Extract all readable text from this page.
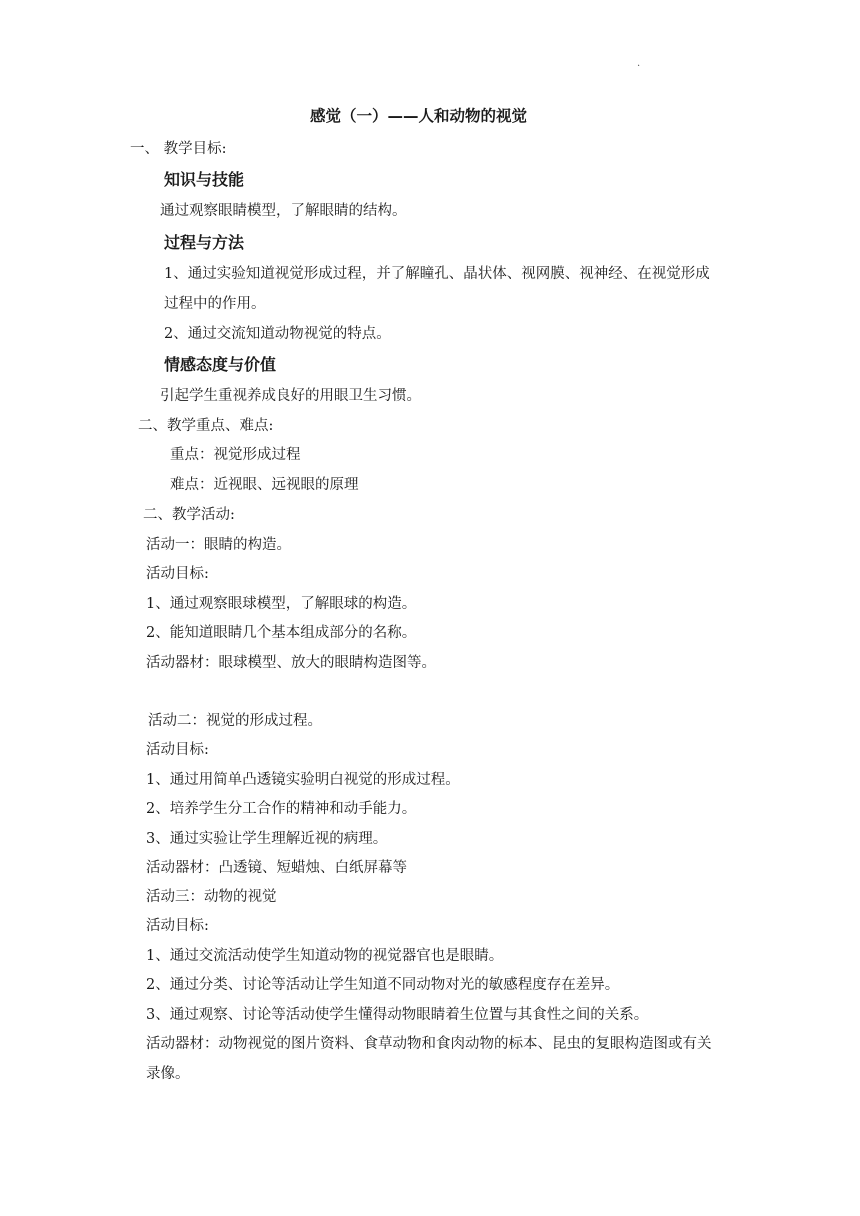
.
感觉（一）——人和动物的视觉
一、 教学目标:
知识与技能
通过观察眼睛模型，了解眼睛的结构。
过程与方法
1、通过实验知道视觉形成过程，并了解瞳孔、晶状体、视网膜、视神经、在视觉形成
过程中的作用。
2、通过交流知道动物视觉的特点。
情感态度与价值
引起学生重视养成良好的用眼卫生习惯。
二、教学重点、难点:
重点：视觉形成过程
难点：近视眼、远视眼的原理
二、教学活动:
活动一：眼睛的构造。
活动目标:
1、通过观察眼球模型，了解眼球的构造。
2、能知道眼睛几个基本组成部分的名称。
活动器材：眼球模型、放大的眼睛构造图等。
活动二：视觉的形成过程。
活动目标:
1、通过用简单凸透镜实验明白视觉的形成过程。
2、培养学生分工合作的精神和动手能力。
3、通过实验让学生理解近视的病理。
活动器材：凸透镜、短蜡烛、白纸屏幕等
活动三：动物的视觉
活动目标:
1、通过交流活动使学生知道动物的视觉器官也是眼睛。
2、通过分类、讨论等活动让学生知道不同动物对光的敏感程度存在差异。
3、通过观察、讨论等活动使学生懂得动物眼睛着生位置与其食性之间的关系。
活动器材：动物视觉的图片资料、食草动物和食肉动物的标本、昆虫的复眼构造图或有关
录像。
